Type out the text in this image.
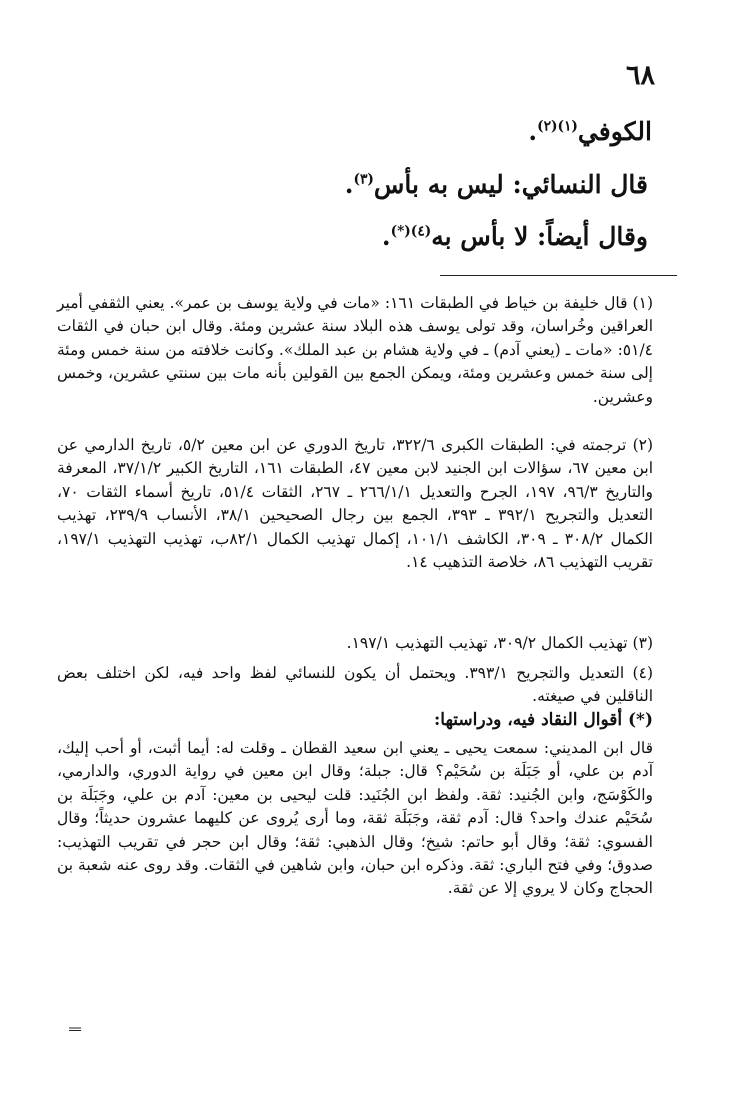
٦٨
الكوفي$^{(١)(٢)}$.
قال النسائي: ليس به بأس$^{(٣)}$.
وقال أيضاً: لا بأس به$^{(٤)(*)}$.
(١) قال خليفة بن خياط في الطبقات ١٦١: «مات في ولاية يوسف بن عمر». يعني الثقفي أمير العراقين وخُراسان، وقد تولى يوسف هذه البلاد سنة عشرين ومئة. وقال ابن حبان في الثقات ٥١/٤: «مات ـ (يعني آدم) ـ في ولاية هشام بن عبد الملك». وكانت خلافته من سنة خمس ومئة إلى سنة خمس وعشرين ومئة، ويمكن الجمع بين القولين بأنه مات بين سنتي عشرين، وخمس وعشرين.
(٢) ترجمته في: الطبقات الكبرى ٣٢٢/٦، تاريخ الدوري عن ابن معين ٥/٢، تاريخ الدارمي عن ابن معين ٦٧، سؤالات ابن الجنيد لابن معين ٤٧، الطبقات ١٦١، التاريخ الكبير ٣٧/١/٢، المعرفة والتاريخ ٩٦/٣، ١٩٧، الجرح والتعديل ٢٦٦/١/١ ـ ٢٦٧، الثقات ٥١/٤، تاريخ أسماء الثقات ٧٠، التعديل والتجريح ٣٩٢/١ ـ ٣٩٣، الجمع بين رجال الصحيحين ٣٨/١، الأنساب ٢٣٩/٩، تهذيب الكمال ٣٠٨/٢ ـ ٣٠٩، الكاشف ١٠١/١، إكمال تهذيب الكمال ٨٢/١ب، تهذيب التهذيب ١٩٧/١، تقريب التهذيب ٨٦، خلاصة التذهيب ١٤.
(٣) تهذيب الكمال ٣٠٩/٢، تهذيب التهذيب ١٩٧/١.
(٤) التعديل والتجريح ٣٩٣/١. ويحتمل أن يكون للنسائي لفظ واحد فيه، لكن اختلف بعض الناقلين في صيغته.
(*) أقوال النقاد فيه، ودراستها:
قال ابن المديني: سمعت يحيى ـ يعني ابن سعيد القطان ـ وقلت له: أيما أثبت، أو أحب إليك، آدم بن علي، أو جَبَلَة بن سُحَيْم؟ قال: جبلة؛ وقال ابن معين في رواية الدوري، والدارمي، والكَوْسَج، وابن الجُنيد: ثقة. ولفظ ابن الجُنَيد: قلت ليحيى بن معين: آدم بن علي، وجَبَلَة بن سُحَيْم عندك واحد؟ قال: آدم ثقة، وجَبَلَة ثقة، وما أرى يُروى عن كليهما عشرون حديثاً؛ وقال الفسوي: ثقة؛ وقال أبو حاتم: شيخ؛ وقال الذهبي: ثقة؛ وقال ابن حجر في تقريب التهذيب: صدوق؛ وفي فتح الباري: ثقة. وذكره ابن حبان، وابن شاهين في الثقات. وقد روى عنه شعبة بن الحجاج وكان لا يروي إلا عن ثقة.
=
